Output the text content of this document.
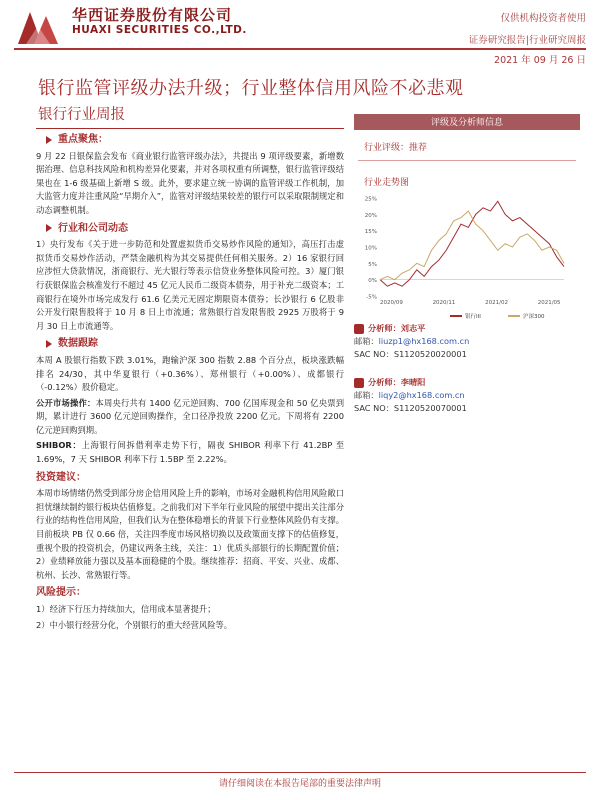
华西证券股份有限公司
HUAXI SECURITIES CO.,LTD.
仅供机构投资者使用
证券研究报告|行业研究周报
2021 年 09 月 26 日
银行监管评级办法升级；行业整体信用风险不必悲观
银行行业周报
重点聚焦：
9 月 22 日银保监会发布《商业银行监管评级办法》，共提出 9 项评级要素，新增数据治理、信息科技风险和机构差异化要素，并对各项权重有所调整，银行监管评级结果也在 1-6 级基础上新增 S 级。此外，要求建立统一协调的监管评级工作机制，加大监管力度并注重风险“早期介入”，监管对评级结果较差的银行可以采取限制规定和动态调整机制。
行业和公司动态
1）央行发布《关于进一步防范和处置虚拟货币交易炒作风险的通知》，高压打击虚拟货币交易炒作活动，严禁金融机构为其交易提供任何相关服务。2）16 家银行回应涉恒大贷款情况，浙商银行、光大银行等表示信贷业务整体风险可控。3）厦门银行获银保监会核准发行不超过 45 亿元人民币二级资本债券，用于补充二级资本；工商银行在境外市场完成发行 61.6 亿美元无固定期限资本债券；长沙银行 6 亿股非公开发行限售股将于 10 月 8 日上市流通；常熟银行首发限售股 2925 万股将于 9 月 30 日上市流通等。
数据跟踪
本周 A 股银行指数下跌 3.01%，跑输沪深 300 指数 2.88 个百分点，板块涨跌幅排名 24/30，其中华夏银行（+0.36%）、郑州银行（+0.00%）、成都银行（-0.12%）股价稳定。
公开市场操作：本周央行共有 1400 亿元逆回购、700 亿国库现金和 50 亿央票到期，累计进行 3600 亿元逆回购操作，全口径净投放 2200 亿元。下周将有 2200 亿元逆回购到期。
SHIBOR：上海银行间拆借利率走势下行，隔夜 SHIBOR 利率下行 41.2BP 至 1.69%，7 天 SHIBOR 利率下行 1.5BP 至 2.22%。
投资建议：
本周市场情绪仍然受到部分房企信用风险上升的影响，市场对金融机构信用风险敞口担忧继续制约银行板块估值修复。之前我们对下半年行业风险的展望中提出关注部分行业的结构性信用风险，但我们认为在整体稳增长的背景下行业整体风险仍有支撑。目前板块 PB 仅 0.66 倍，关注四季度市场风格切换以及政策面支撑下的估值修复，重视个股的投资机会，仍建议两条主线，关注：1）优质头部银行的长期配置价值；2）业绩释放能力强以及基本面稳健的个股。继续推荐：招商、平安、兴业、成都、杭州、长沙、常熟银行等。
风险提示：
1）经济下行压力持续加大，信用成本显著提升；
2）中小银行经营分化，个别银行的重大经营风险等。
评级及分析师信息
行业评级：推荐
行业走势图
25%
20%
15%
10%
5%
0%
-5%
2020/09	2020/11	2021/02	2021/05
银行III	沪深300
分析师： 刘志平
邮箱：liuzp1@hx168.com.cn
SAC NO：S1120520020001
分析师： 李晴阳
邮箱：liqy2@hx168.com.cn
SAC NO：S1120520070001
请仔细阅读在本报告尾部的重要法律声明
